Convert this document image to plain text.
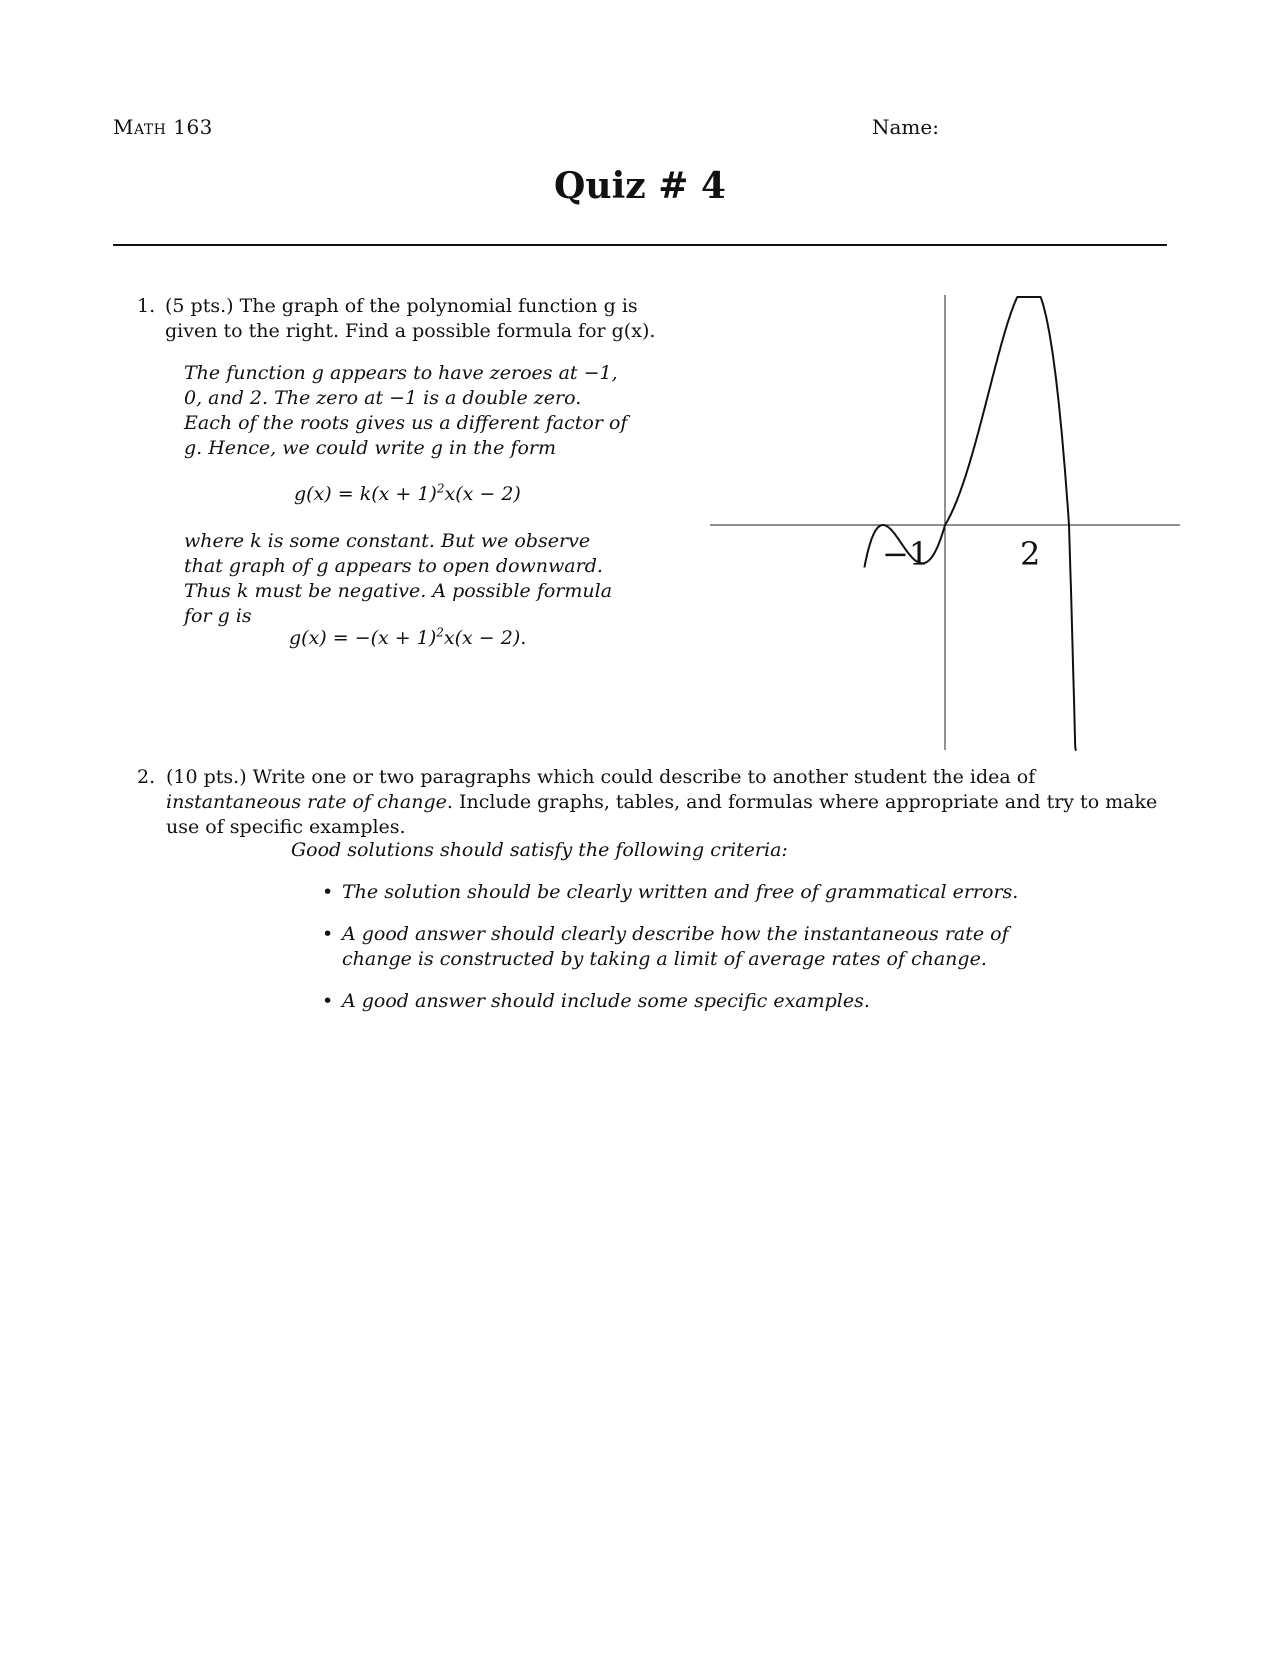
Math 163	Name:
Quiz # 4
1. (5 pts.) The graph of the polynomial function g is given to the right. Find a possible formula for g(x).
The function g appears to have zeroes at −1, 0, and 2. The zero at −1 is a double zero. Each of the roots gives us a different factor of g. Hence, we could write g in the form
$g(x) = k(x + 1)^2x(x - 2)$
where k is some constant. But we observe that graph of g appears to open downward. Thus k must be negative. A possible formula for g is
$g(x) = -(x + 1)^2x(x - 2)$.
−1	2
2. (10 pts.) Write one or two paragraphs which could describe to another student the idea of instantaneous rate of change. Include graphs, tables, and formulas where appropriate and try to make use of specific examples.
Good solutions should satisfy the following criteria:
• The solution should be clearly written and free of grammatical errors.
• A good answer should clearly describe how the instantaneous rate of change is constructed by taking a limit of average rates of change.
• A good answer should include some specific examples.
